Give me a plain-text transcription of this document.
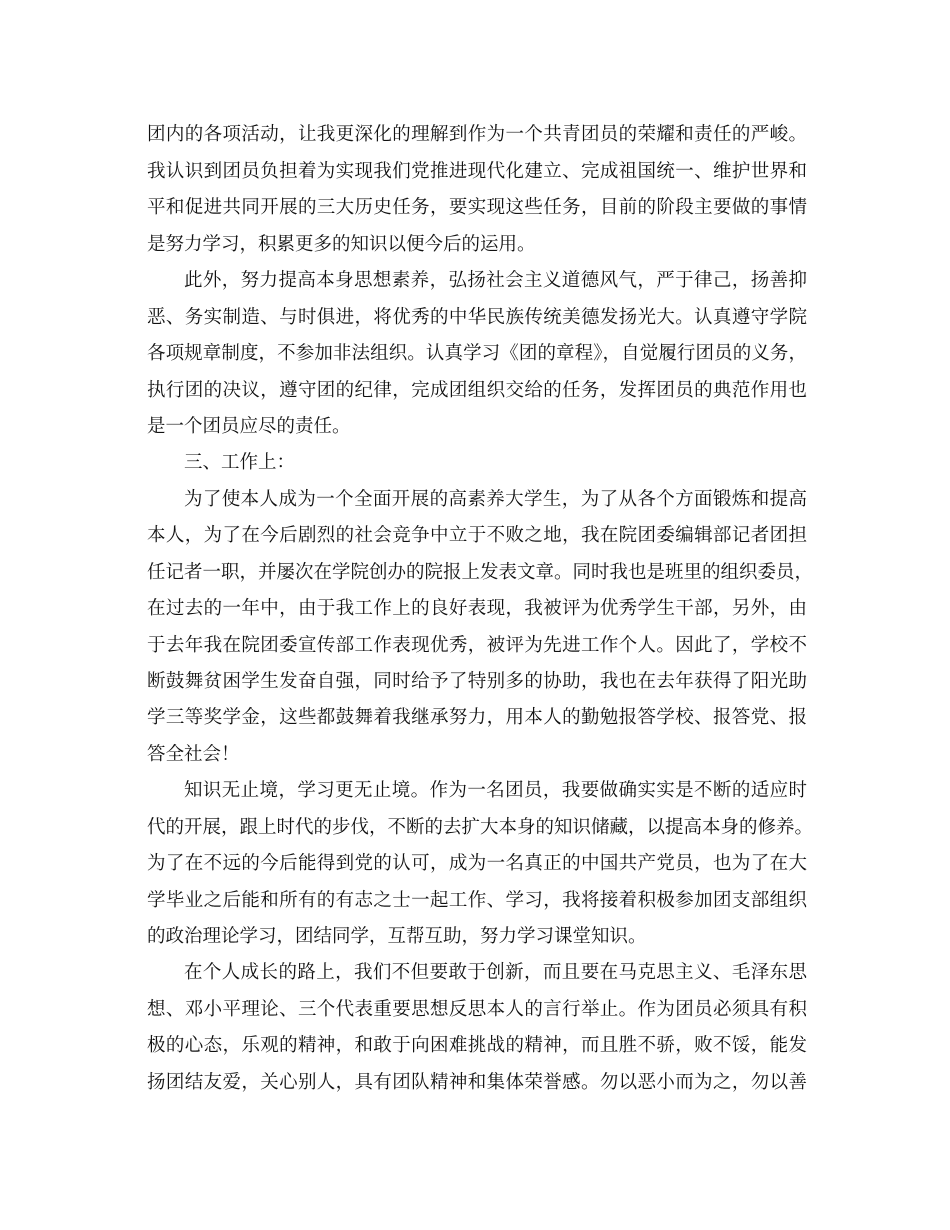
团内的各项活动，让我更深化的理解到作为一个共青团员的荣耀和责任的严峻。
我认识到团员负担着为实现我们党推进现代化建立、完成祖国统一、维护世界和
平和促进共同开展的三大历史任务，要实现这些任务，目前的阶段主要做的事情
是努力学习，积累更多的知识以便今后的运用。
此外，努力提高本身思想素养，弘扬社会主义道德风气，严于律己，扬善抑
恶、务实制造、与时俱进，将优秀的中华民族传统美德发扬光大。认真遵守学院
各项规章制度，不参加非法组织。认真学习《团的章程》，自觉履行团员的义务，
执行团的决议，遵守团的纪律，完成团组织交给的任务，发挥团员的典范作用也
是一个团员应尽的责任。
三、工作上：
为了使本人成为一个全面开展的高素养大学生，为了从各个方面锻炼和提高
本人，为了在今后剧烈的社会竞争中立于不败之地，我在院团委编辑部记者团担
任记者一职，并屡次在学院创办的院报上发表文章。同时我也是班里的组织委员，
在过去的一年中，由于我工作上的良好表现，我被评为优秀学生干部，另外，由
于去年我在院团委宣传部工作表现优秀，被评为先进工作个人。因此了，学校不
断鼓舞贫困学生发奋自强，同时给予了特别多的协助，我也在去年获得了阳光助
学三等奖学金，这些都鼓舞着我继承努力，用本人的勤勉报答学校、报答党、报
答全社会！
知识无止境，学习更无止境。作为一名团员，我要做确实实是不断的适应时
代的开展，跟上时代的步伐，不断的去扩大本身的知识储藏，以提高本身的修养。
为了在不远的今后能得到党的认可，成为一名真正的中国共产党员，也为了在大
学毕业之后能和所有的有志之士一起工作、学习，我将接着积极参加团支部组织
的政治理论学习，团结同学，互帮互助，努力学习课堂知识。
在个人成长的路上，我们不但要敢于创新，而且要在马克思主义、毛泽东思
想、邓小平理论、三个代表重要思想反思本人的言行举止。作为团员必须具有积
极的心态，乐观的精神，和敢于向困难挑战的精神，而且胜不骄，败不馁，能发
扬团结友爱，关心别人，具有团队精神和集体荣誉感。勿以恶小而为之，勿以善
